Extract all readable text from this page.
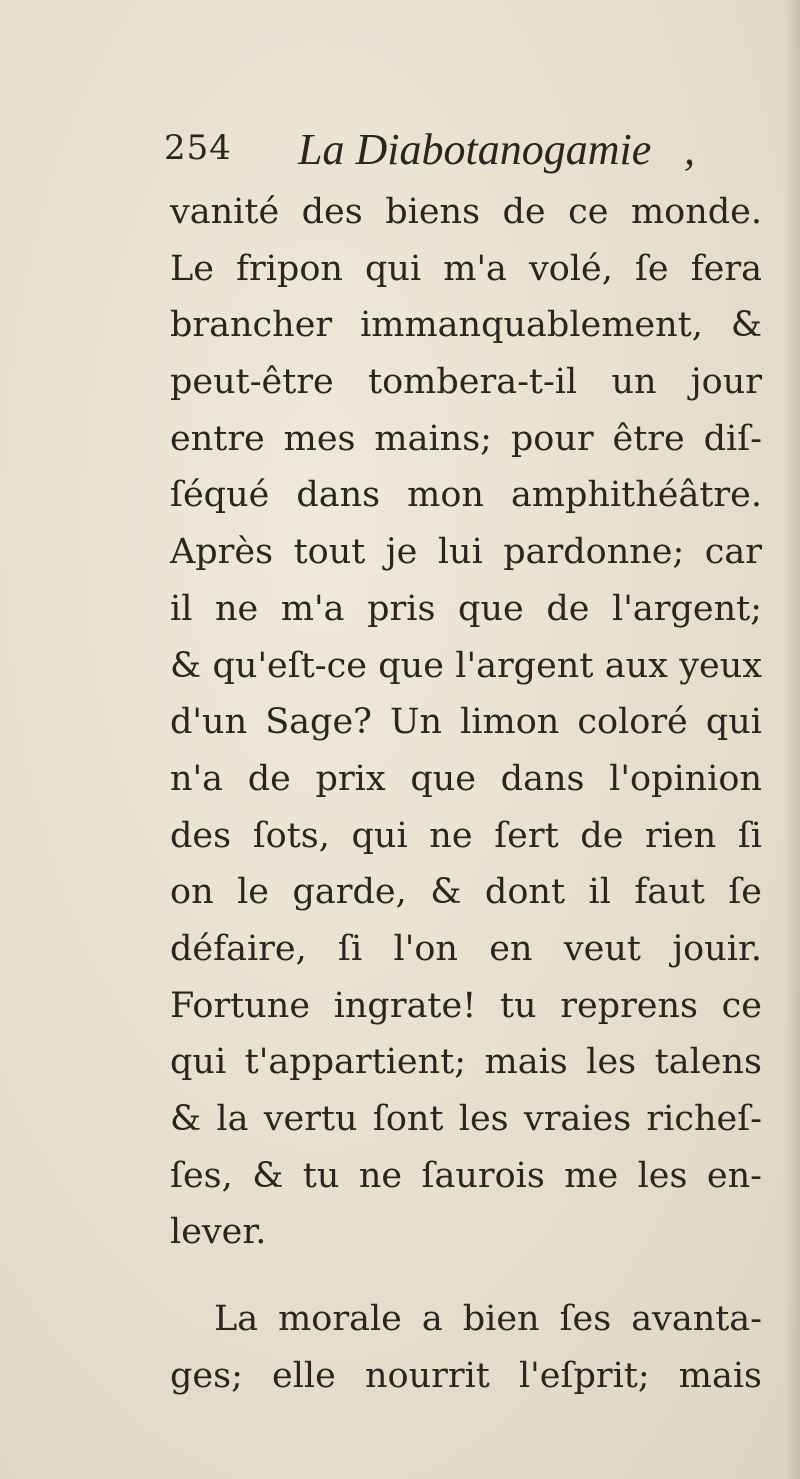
254 La Diabotanogamie ,
vanité des biens de ce monde.
Le fripon qui m'a volé, ſe fera
brancher immanquablement, &
peut-être tombera-t-il un jour
entre mes mains; pour être diſ-
ſéqué dans mon amphithéâtre.
Après tout je lui pardonne; car
il ne m'a pris que de l'argent;
& qu'eſt-ce que l'argent aux yeux
d'un Sage? Un limon coloré qui
n'a de prix que dans l'opinion
des ſots, qui ne ſert de rien ſi
on le garde, & dont il faut ſe
défaire, ſi l'on en veut jouir.
Fortune ingrate! tu reprens ce
qui t'appartient; mais les talens
& la vertu ſont les vraies richeſ-
ſes, & tu ne ſaurois me les en-
lever.
La morale a bien ſes avanta-
ges; elle nourrit l'eſprit; mais
